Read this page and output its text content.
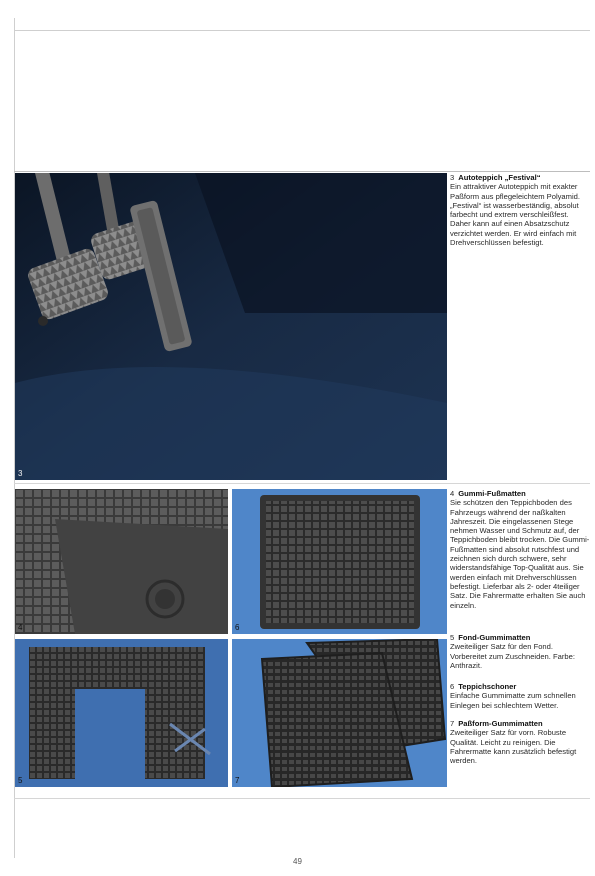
3
4	6
5	7

3 Autoteppich „Festival“

Ein attraktiver Autoteppich mit exakter Paßform aus pflegeleichtem Polyamid. „Festival“ ist wasserbeständig, absolut farbecht und extrem verschleißfest. Daher kann auf einen Absatzschutz verzichtet werden. Er wird einfach mit Drehverschlüssen befestigt.

4 Gummi-Fußmatten

Sie schützen den Teppichboden des Fahrzeugs während der naßkalten Jahreszeit. Die eingelassenen Stege nehmen Wasser und Schmutz auf, der Teppichboden bleibt trocken. Die Gummi-Fußmatten sind absolut rutschfest und zeichnen sich durch schwere, sehr widerstandsfähige Top-Qualität aus. Sie werden einfach mit Drehverschlüssen befestigt. Lieferbar als 2- oder 4teiliger Satz. Die Fahrermatte erhalten Sie auch einzeln.

5 Fond-Gummimatten

Zweiteiliger Satz für den Fond. Vorbereitet zum Zuschneiden. Farbe: Anthrazit.

6 Teppichschoner

Einfache Gummimatte zum schnellen Einlegen bei schlechtem Wetter.

7 Paßform-Gummimatten

Zweiteiliger Satz für vorn. Robuste Qualität. Leicht zu reinigen. Die Fahrermatte kann zusätzlich befestigt werden.

49
